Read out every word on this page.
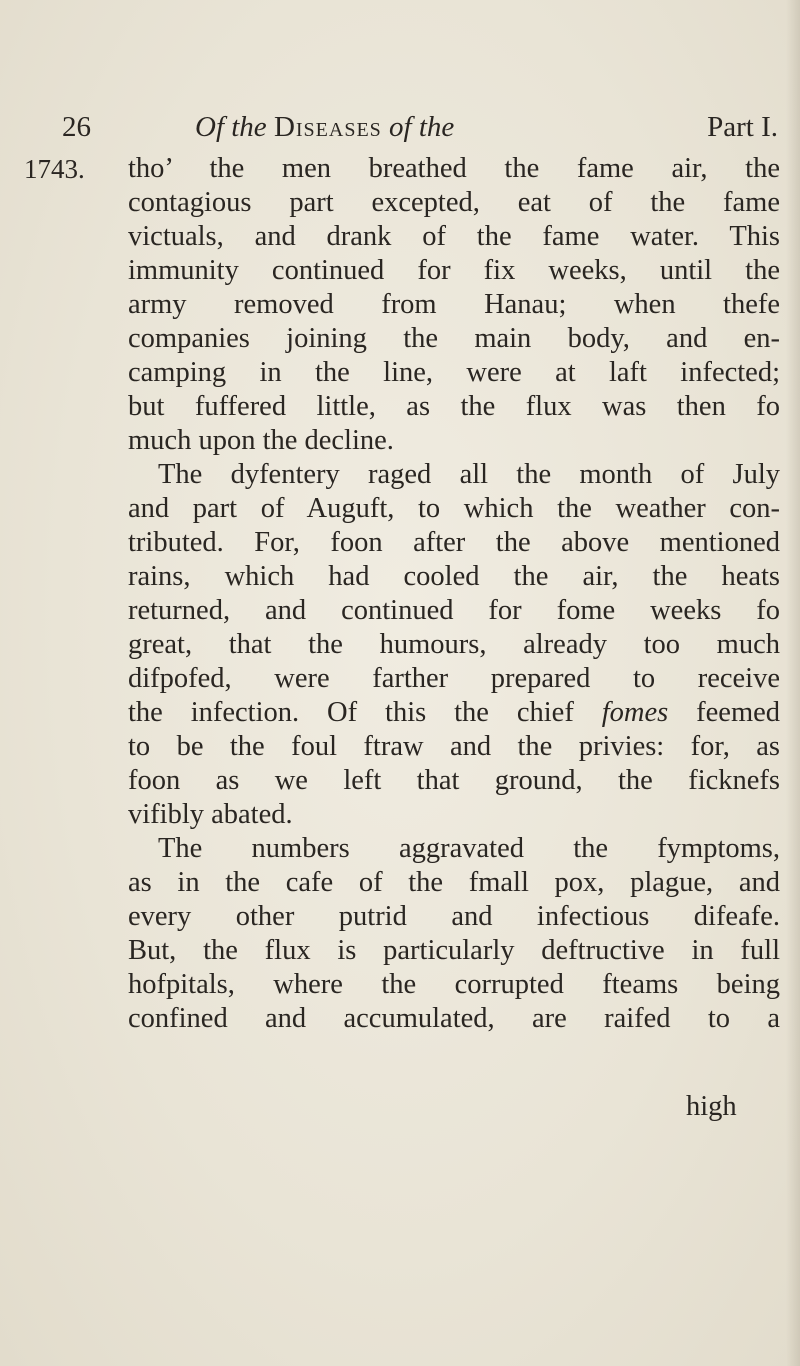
26	Of the Diseases of the	Part I.
1743. tho’ the men breathed the fame air, the
contagious part excepted, eat of the fame
victuals, and drank of the fame water. This
immunity continued for fix weeks, until the
army removed from Hanau; when thefe
companies joining the main body, and en-
camping in the line, were at laft infected;
but fuffered little, as the flux was then fo
much upon the decline.
The dyfentery raged all the month of July
and part of Auguft, to which the weather con-
tributed. For, foon after the above mentioned
rains, which had cooled the air, the heats
returned, and continued for fome weeks fo
great, that the humours, already too much
difpofed, were farther prepared to receive
the infection. Of this the chief fomes feemed
to be the foul ftraw and the privies: for, as
foon as we left that ground, the ficknefs
vifibly abated.
The numbers aggravated the fymptoms,
as in the cafe of the fmall pox, plague, and
every other putrid and infectious difeafe.
But, the flux is particularly deftructive in full
hofpitals, where the corrupted fteams being
confined and accumulated, are raifed to a
high
